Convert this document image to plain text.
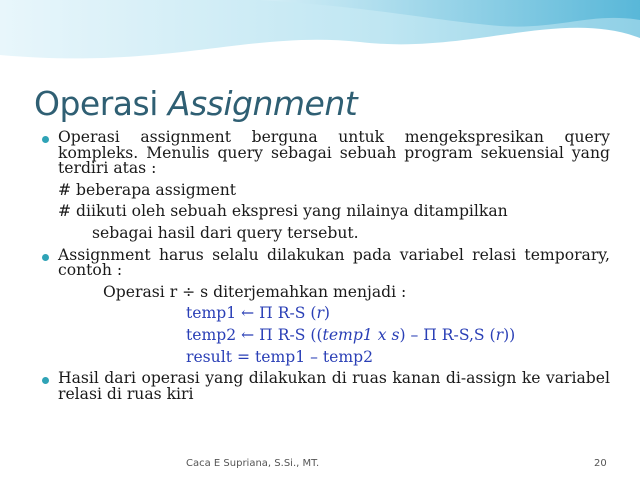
Operasi Assignment
Operasi assignment berguna untuk mengekspresikan query kompleks. Menulis query sebagai sebuah program sekuensial yang terdiri atas :
# beberapa assigment
# diikuti oleh sebuah ekspresi yang nilainya ditampilkan
sebagai hasil dari query tersebut.
Assignment harus selalu dilakukan pada variabel relasi temporary, contoh :
Operasi r ÷ s diterjemahkan menjadi :
temp1 ← Π R-S (r)
temp2 ← Π R-S ((temp1 x s) – Π R-S,S (r))
result = temp1 – temp2
Hasil dari operasi yang dilakukan di ruas kanan di-assign ke variabel relasi di ruas kiri
Caca E Supriana, S.Si., MT.	20
